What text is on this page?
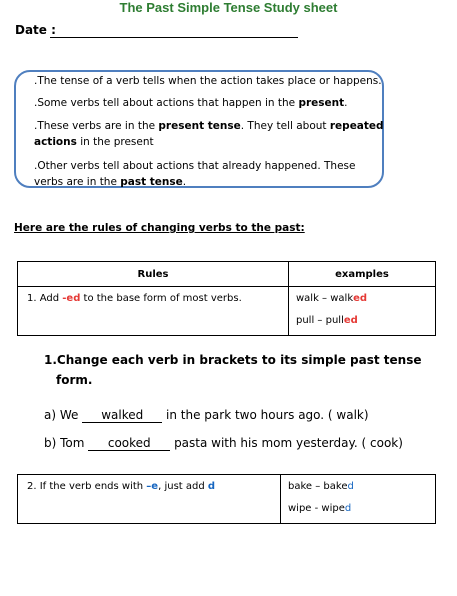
The Past Simple Tense Study sheet
Date :
.The tense of a verb tells when the action takes place or happens.
.Some verbs tell about actions that happen in the present.
.These verbs are in the present tense. They tell about repeated
actions in the present
.Other verbs tell about actions that already happened. These
verbs are in the past tense.
Here are the rules of changing verbs to the past:
Rules	examples

1. Add -ed to the base form of most verbs.	walk – walked
pull – pulled
1.Change each verb in brackets to its simple past tense
form.
a) We walked in the park two hours ago. ( walk)
b) Tom cooked pasta with his mom yesterday. ( cook)
2. If the verb ends with –e, just add d	bake – baked
wipe - wiped
